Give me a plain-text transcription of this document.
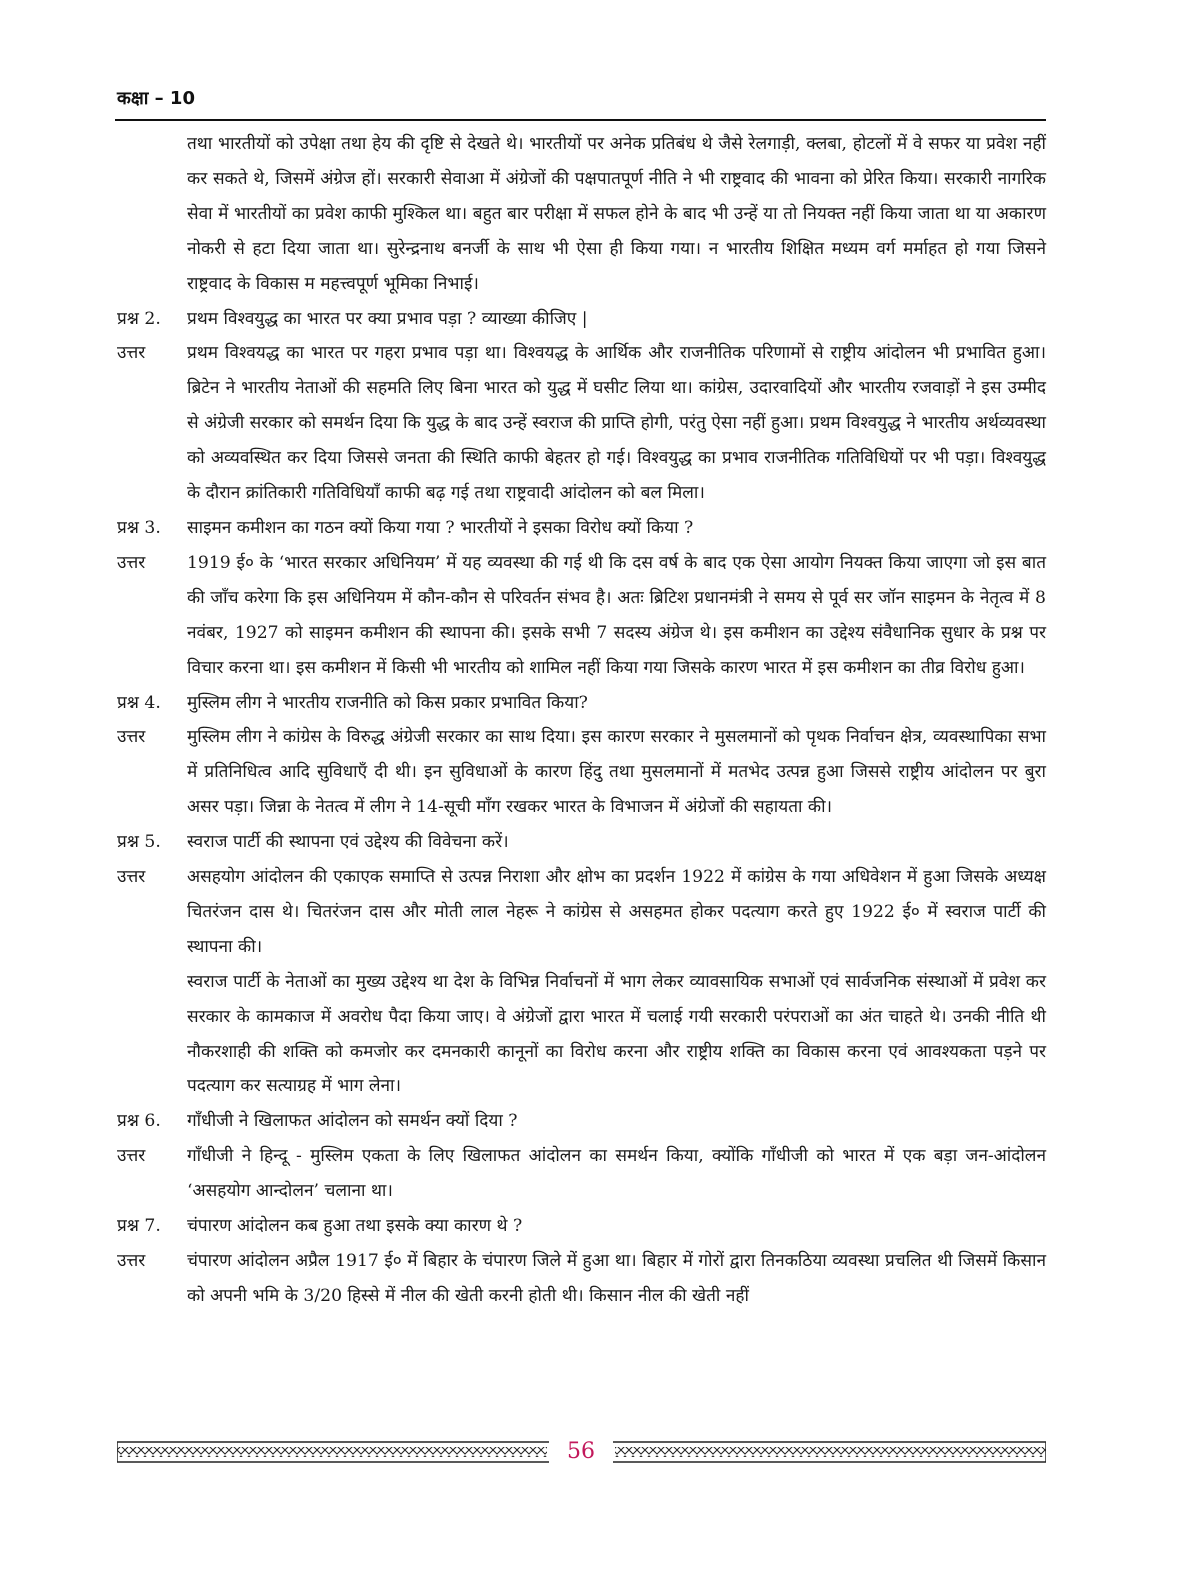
कक्षा – 10

तथा भारतीयों को उपेक्षा तथा हेय की दृष्टि से देखते थे। भारतीयों पर अनेक प्रतिबंध थे जैसे रेलगाड़ी, क्लबा, होटलों में वे सफर या प्रवेश नहीं कर सकते थे, जिसमें अंग्रेज हों। सरकारी सेवाआ में अंग्रेजों की पक्षपातपूर्ण नीति ने भी राष्ट्रवाद की भावना को प्रेरित किया। सरकारी नागरिक सेवा में भारतीयों का प्रवेश काफी मुश्किल था। बहुत बार परीक्षा में सफल होने के बाद भी उन्हें या तो नियक्त नहीं किया जाता था या अकारण नोकरी से हटा दिया जाता था। सुरेन्द्रनाथ बनर्जी के साथ भी ऐसा ही किया गया। न भारतीय शिक्षित मध्यम वर्ग मर्माहत हो गया जिसने राष्ट्रवाद के विकास म महत्त्वपूर्ण भूमिका निभाई।

प्रश्न 2.	प्रथम विश्वयुद्ध का भारत पर क्या प्रभाव पड़ा ? व्याख्या कीजिए |

उत्तर	प्रथम विश्वयद्ध का भारत पर गहरा प्रभाव पड़ा था। विश्वयद्ध के आर्थिक और राजनीतिक परिणामों से राष्ट्रीय आंदोलन भी प्रभावित हुआ। ब्रिटेन ने भारतीय नेताओं की सहमति लिए बिना भारत को युद्ध में घसीट लिया था। कांग्रेस, उदारवादियों और भारतीय रजवाड़ों ने इस उम्मीद से अंग्रेजी सरकार को समर्थन दिया कि युद्ध के बाद उन्हें स्वराज की प्राप्ति होगी, परंतु ऐसा नहीं हुआ। प्रथम विश्वयुद्ध ने भारतीय अर्थव्यवस्था को अव्यवस्थित कर दिया जिससे जनता की स्थिति काफी बेहतर हो गई। विश्वयुद्ध का प्रभाव राजनीतिक गतिविधियों पर भी पड़ा। विश्वयुद्ध के दौरान क्रांतिकारी गतिविधियाँ काफी बढ़ गई तथा राष्ट्रवादी आंदोलन को बल मिला।

प्रश्न 3.	साइमन कमीशन का गठन क्यों किया गया ? भारतीयों ने इसका विरोध क्यों किया ?

उत्तर	1919 ई० के ‘भारत सरकार अधिनियम’ में यह व्यवस्था की गई थी कि दस वर्ष के बाद एक ऐसा आयोग नियक्त किया जाएगा जो इस बात की जाँच करेगा कि इस अधिनियम में कौन-कौन से परिवर्तन संभव है। अतः ब्रिटिश प्रधानमंत्री ने समय से पूर्व सर जॉन साइमन के नेतृत्व में 8 नवंबर, 1927 को साइमन कमीशन की स्थापना की। इसके सभी 7 सदस्य अंग्रेज थे। इस कमीशन का उद्देश्य संवैधानिक सुधार के प्रश्न पर विचार करना था। इस कमीशन में किसी भी भारतीय को शामिल नहीं किया गया जिसके कारण भारत में इस कमीशन का तीव्र विरोध हुआ।

प्रश्न 4.	मुस्लिम लीग ने भारतीय राजनीति को किस प्रकार प्रभावित किया?

उत्तर	मुस्लिम लीग ने कांग्रेस के विरुद्ध अंग्रेजी सरकार का साथ दिया। इस कारण सरकार ने मुसलमानों को पृथक निर्वाचन क्षेत्र, व्यवस्थापिका सभा में प्रतिनिधित्व आदि सुविधाएँ दी थी। इन सुविधाओं के कारण हिंदु तथा मुसलमानों में मतभेद उत्पन्न हुआ जिससे राष्ट्रीय आंदोलन पर बुरा असर पड़ा। जिन्ना के नेतत्व में लीग ने 14-सूची माँग रखकर भारत के विभाजन में अंग्रेजों की सहायता की।

प्रश्न 5.	स्वराज पार्टी की स्थापना एवं उद्देश्य की विवेचना करें।

उत्तर	असहयोग आंदोलन की एकाएक समाप्ति से उत्पन्न निराशा और क्षोभ का प्रदर्शन 1922 में कांग्रेस के गया अधिवेशन में हुआ जिसके अध्यक्ष चितरंजन दास थे। चितरंजन दास और मोती लाल नेहरू ने कांग्रेस से असहमत होकर पदत्याग करते हुए 1922 ई० में स्वराज पार्टी की स्थापना की।

स्वराज पार्टी के नेताओं का मुख्य उद्देश्य था देश के विभिन्न निर्वाचनों में भाग लेकर व्यावसायिक सभाओं एवं सार्वजनिक संस्थाओं में प्रवेश कर सरकार के कामकाज में अवरोध पैदा किया जाए। वे अंग्रेजों द्वारा भारत में चलाई गयी सरकारी परंपराओं का अंत चाहते थे। उनकी नीति थी नौकरशाही की शक्ति को कमजोर कर दमनकारी कानूनों का विरोध करना और राष्ट्रीय शक्ति का विकास करना एवं आवश्यकता पड़ने पर पदत्याग कर सत्याग्रह में भाग लेना।

प्रश्न 6.	गाँधीजी ने खिलाफत आंदोलन को समर्थन क्यों दिया ?

उत्तर	गाँधीजी ने हिन्दू - मुस्लिम एकता के लिए खिलाफत आंदोलन का समर्थन किया, क्योंकि गाँधीजी को भारत में एक बड़ा जन-आंदोलन ‘असहयोग आन्दोलन’ चलाना था।

प्रश्न 7.	चंपारण आंदोलन कब हुआ तथा इसके क्या कारण थे ?

उत्तर	चंपारण आंदोलन अप्रैल 1917 ई० में बिहार के चंपारण जिले में हुआ था। बिहार में गोरों द्वारा तिनकठिया व्यवस्था प्रचलित थी जिसमें किसान को अपनी भमि के 3/20 हिस्से में नील की खेती करनी होती थी। किसान नील की खेती नहीं

56
